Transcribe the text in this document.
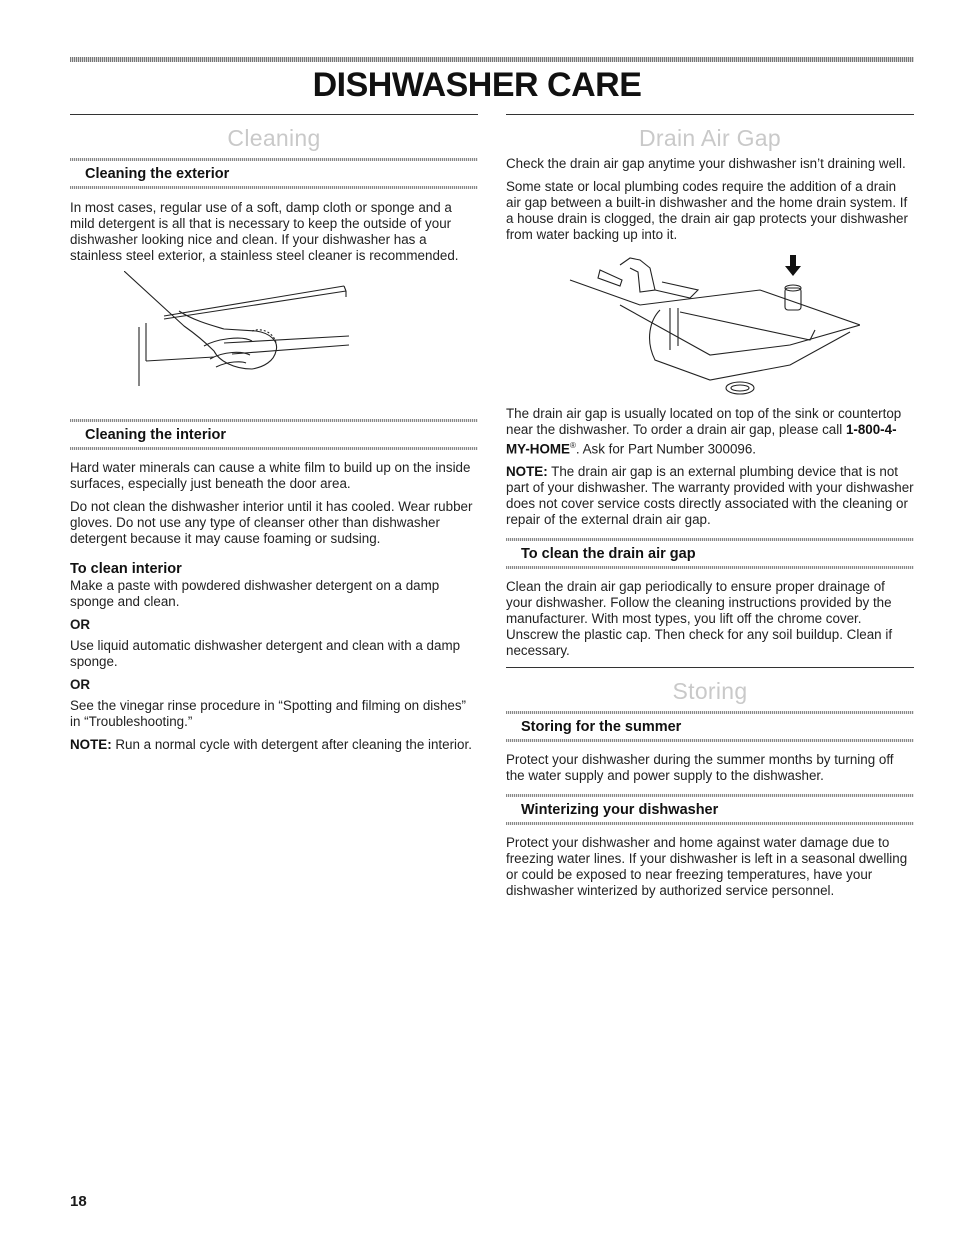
DISHWASHER CARE
Cleaning
Cleaning the exterior

In most cases, regular use of a soft, damp cloth or sponge and a mild detergent is all that is necessary to keep the outside of your dishwasher looking nice and clean. If your dishwasher has a stainless steel exterior, a stainless steel cleaner is recommended.

Cleaning the interior

Hard water minerals can cause a white film to build up on the inside surfaces, especially just beneath the door area.

Do not clean the dishwasher interior until it has cooled. Wear rubber gloves. Do not use any type of cleanser other than dishwasher detergent because it may cause foaming or sudsing.

To clean interior

Make a paste with powdered dishwasher detergent on a damp sponge and clean.

OR

Use liquid automatic dishwasher detergent and clean with a damp sponge.

OR

See the vinegar rinse procedure in “Spotting and filming on dishes” in “Troubleshooting.”

NOTE: Run a normal cycle with detergent after cleaning the interior.

Drain Air Gap

Check the drain air gap anytime your dishwasher isn’t draining well.

Some state or local plumbing codes require the addition of a drain air gap between a built-in dishwasher and the home drain system. If a house drain is clogged, the drain air gap protects your dishwasher from water backing up into it.

The drain air gap is usually located on top of the sink or countertop near the dishwasher. To order a drain air gap, please call 1-800-4-MY-HOME®. Ask for Part Number 300096.

NOTE: The drain air gap is an external plumbing device that is not part of your dishwasher. The warranty provided with your dishwasher does not cover service costs directly associated with the cleaning or repair of the external drain air gap.

To clean the drain air gap

Clean the drain air gap periodically to ensure proper drainage of your dishwasher. Follow the cleaning instructions provided by the manufacturer. With most types, you lift off the chrome cover. Unscrew the plastic cap. Then check for any soil buildup. Clean if necessary.

Storing
Storing for the summer

Protect your dishwasher during the summer months by turning off the water supply and power supply to the dishwasher.

Winterizing your dishwasher

Protect your dishwasher and home against water damage due to freezing water lines. If your dishwasher is left in a seasonal dwelling or could be exposed to near freezing temperatures, have your dishwasher winterized by authorized service personnel.

18
